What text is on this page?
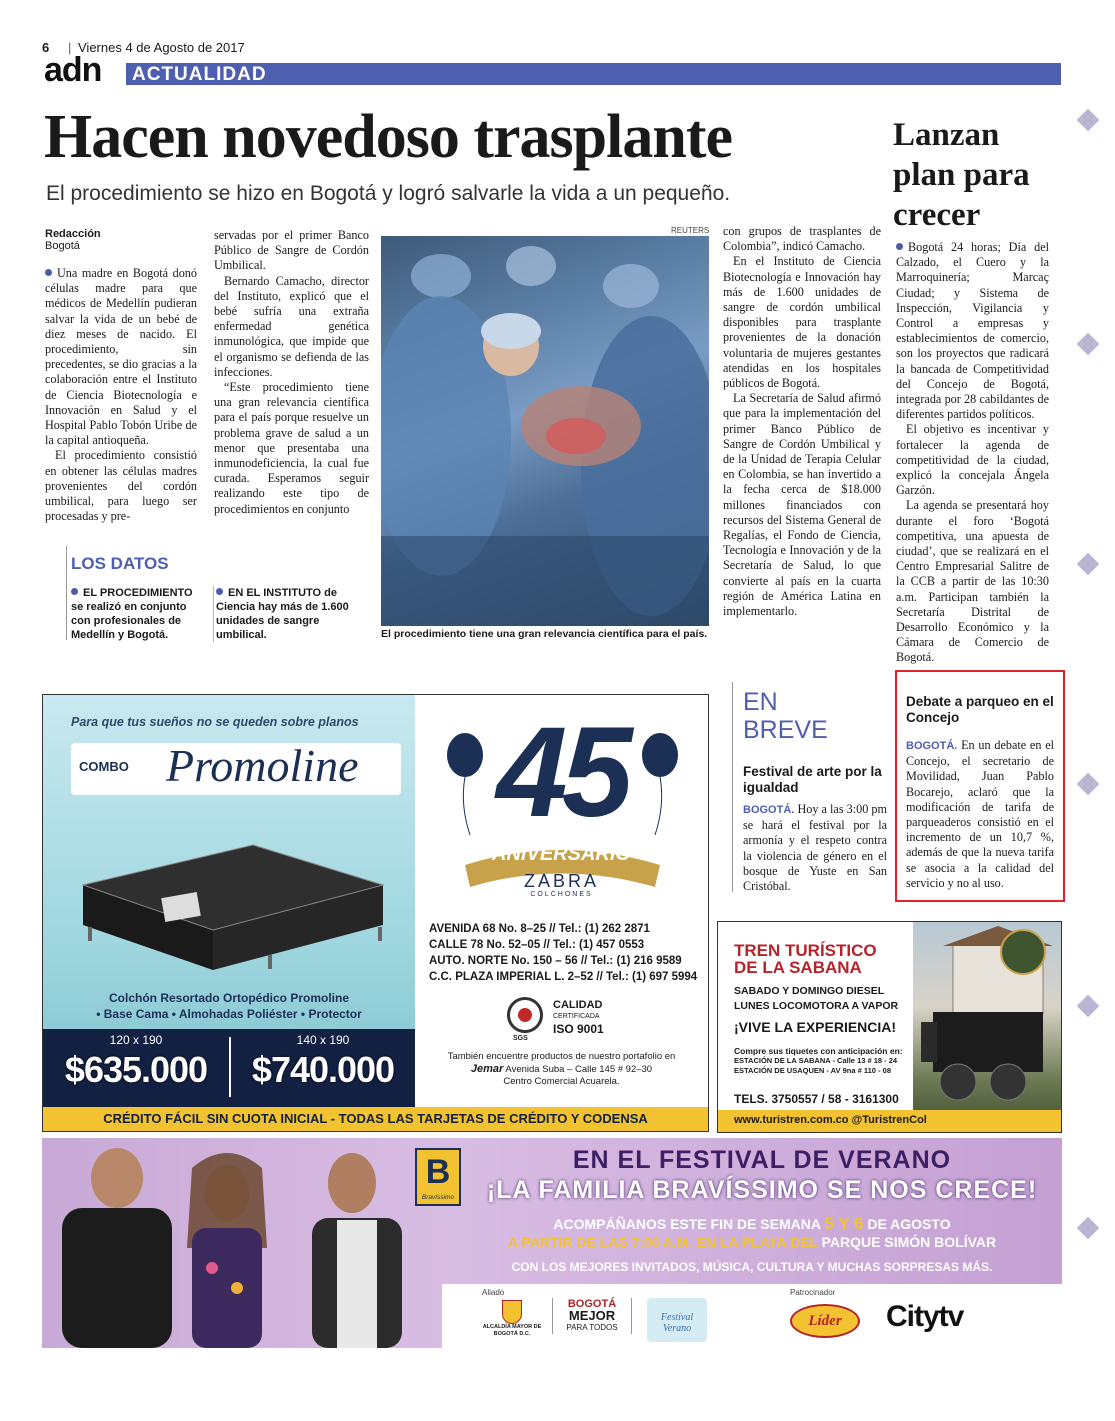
6 | Viernes 4 de Agosto de 2017
adn ACTUALIDAD
Hacen novedoso trasplante
El procedimiento se hizo en Bogotá y logró salvarle la vida a un pequeño.
Redacción
Bogotá

Una madre en Bogotá donó células madre para que médicos de Medellín pudieran salvar la vida de un bebé de diez meses de nacido. El procedimiento, sin precedentes, se dio gracias a la colaboración entre el Instituto de Ciencia Biotecnología e Innovación en Salud y el Hospital Pablo Tobón Uribe de la capital antioqueña.

El procedimiento consistió en obtener las células madres provenientes del cordón umbilical, para luego ser procesadas y pre-

servadas por el primer Banco Público de Sangre de Cordón Umbilical.

Bernardo Camacho, director del Instituto, explicó que el bebé sufría una extraña enfermedad genética inmunológica, que impide que el organismo se defienda de las infecciones.

“Este procedimiento tiene una gran relevancia científica para el país porque resuelve un problema grave de salud a un menor que presentaba una inmunodeficiencia, la cual fue curada. Esperamos seguir realizando este tipo de procedimientos en conjunto

REUTERS
El procedimiento tiene una gran relevancia científica para el país.

con grupos de trasplantes de Colombia”, indicó Camacho.

En el Instituto de Ciencia Biotecnología e Innovación hay más de 1.600 unidades de sangre de cordón umbilical disponibles para trasplante provenientes de la donación voluntaria de mujeres gestantes atendidas en los hospitales públicos de Bogotá.

La Secretaría de Salud afirmó que para la implementación del primer Banco Público de Sangre de Cordón Umbilical y de la Unidad de Terapia Celular en Colombia, se han invertido a la fecha cerca de $18.000 millones financiados con recursos del Sistema General de Regalías, el Fondo de Ciencia, Tecnología e Innovación y de la Secretaría de Salud, lo que convierte al país en la cuarta región de América Latina en implementarlo.

LOS DATOS
EL PROCEDIMIENTO se realizó en conjunto con profesionales de Medellín y Bogotá.
EN EL INSTITUTO de Ciencia hay más de 1.600 unidades de sangre umbilical.
Lanzan plan para crecer

Bogotá 24 horas; Día del Calzado, el Cuero y la Marroquinería; Marcaç Ciudad; y Sistema de Inspección, Vigilancia y Control a empresas y establecimientos de comercio, son los proyectos que radicará la bancada de Competitividad del Concejo de Bogotá, integrada por 28 cabildantes de diferentes partidos políticos.

El objetivo es incentivar y fortalecer la agenda de competitividad de la ciudad, explicó la concejala Ángela Garzón.

La agenda se presentará hoy durante el foro ‘Bogotá competitiva, una apuesta de ciudad’, que se realizará en el Centro Empresarial Salitre de la CCB a partir de las 10:30 a.m. Participan también la Secretaría Distrital de Desarrollo Económico y la Cámara de Comercio de Bogotá.

EN
BREVE
Festival de arte por la igualdad

BOGOTÁ. Hoy a las 3:00 pm se hará el festival por la armonía y el respeto contra la violencia de género en el bosque de Yuste en San Cristóbal.

Debate a parqueo en el Concejo

BOGOTÁ. En un debate en el Concejo, el secretario de Movilidad, Juan Pablo Bocarejo, aclaró que la modificación de tarifa de parqueaderos consistió en el incremento de un 10,7 %, además de que la nueva tarifa se asocia a la calidad del servicio y no al uso.

Para que tus sueños no se queden sobre planos
COMBO Promoline
Colchón Resortado Ortopédico Promoline
• Base Cama • Almohadas Poliéster • Protector
120 x 190
$635.000
140 x 190
$740.000
45
ANIVERSARIO
ZABRA
COLCHONES
AVENIDA 68 No. 8–25 // Tel.: (1) 262 2871
CALLE 78 No. 52–05 // Tel.: (1) 457 0553
AUTO. NORTE No. 150 – 56 // Tel.: (1) 216 9589
C.C. PLAZA IMPERIAL L. 2–52 // Tel.: (1) 697 5994
SGS
CALIDAD
CERTIFICADA
ISO 9001
También encuentre productos de nuestro portafolio en
Jemar Avenida Suba – Calle 145 # 92–30
Centro Comercial Acuarela.
CRÉDITO FÁCIL SIN CUOTA INICIAL - TODAS LAS TARJETAS DE CRÉDITO Y CODENSA
TREN TURÍSTICO
DE LA SABANA
SABADO Y DOMINGO DIESEL
LUNES LOCOMOTORA A VAPOR
¡VIVE LA EXPERIENCIA!
Compre sus tiquetes con anticipación en:
ESTACIÓN DE LA SABANA - Calle 13 # 18 - 24
ESTACIÓN DE USAQUEN - AV 9na # 110 - 08
TELS. 3750557 / 58 - 3161300
www.turistren.com.co @TuristrenCol
B
Bravíssimo
EN EL FESTIVAL DE VERANO
¡LA FAMILIA BRAVÍSSIMO SE NOS CRECE!
ACOMPÁÑANOS ESTE FIN DE SEMANA 5 Y 6 DE AGOSTO
A PARTIR DE LAS 7:00 A.M. EN LA PLAYA DEL PARQUE SIMÓN BOLÍVAR
CON LOS MEJORES INVITADOS, MÚSICA, CULTURA Y MUCHAS SORPRESAS MÁS.
Aliado
ALCALDÍA MAYOR DE BOGOTÁ D.C.
BOGOTÁ
MEJOR
PARA TODOS
Festival Verano
Patrocinador
Líder	Citytv
